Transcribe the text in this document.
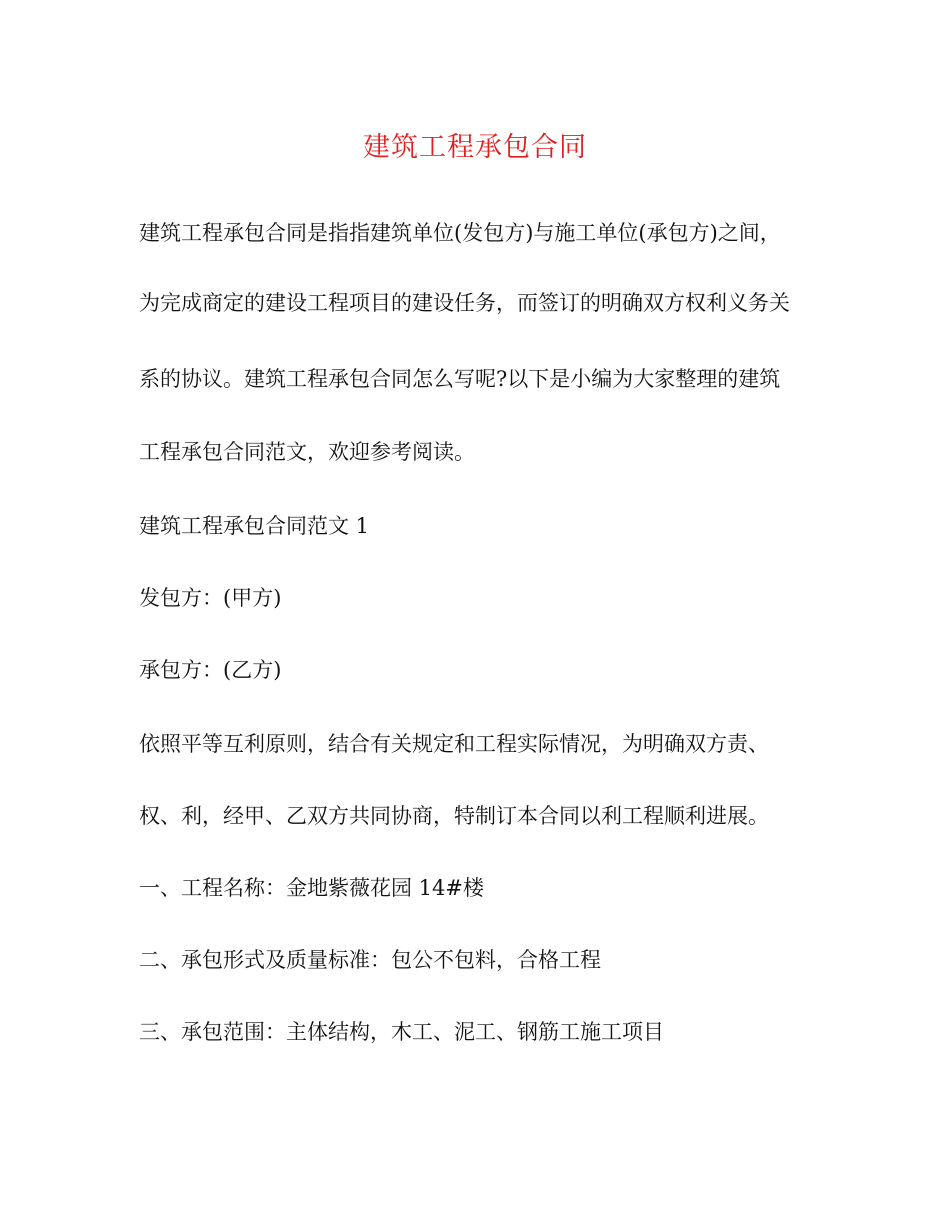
建筑工程承包合同
建筑工程承包合同是指指建筑单位(发包方)与施工单位(承包方)之间，
为完成商定的建设工程项目的建设任务，而签订的明确双方权利义务关
系的协议。建筑工程承包合同怎么写呢?以下是小编为大家整理的建筑
工程承包合同范文，欢迎参考阅读。
建筑工程承包合同范文 1
发包方：(甲方)
承包方：(乙方)
依照平等互利原则，结合有关规定和工程实际情况，为明确双方责、
权、利，经甲、乙双方共同协商，特制订本合同以利工程顺利进展。
一、工程名称：金地紫薇花园 14#楼
二、承包形式及质量标准：包公不包料，合格工程
三、承包范围：主体结构，木工、泥工、钢筋工施工项目
